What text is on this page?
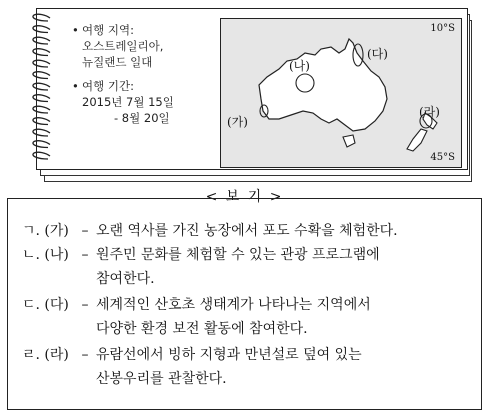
• 여행 지역:
오스트레일리아,
뉴질랜드 일대
• 여행 기간:
2015년 7월 15일
- 8월 20일
10°S
45°S
(가)
(나)
(다)
(라)
< 보 기 >
ㄱ. (가) – 오랜 역사를 가진 농장에서 포도 수확을 체험한다.
ㄴ. (나) – 원주민 문화를 체험할 수 있는 관광 프로그램에
참여한다.
ㄷ. (다) – 세계적인 산호초 생태계가 나타나는 지역에서
다양한 환경 보전 활동에 참여한다.
ㄹ. (라) – 유람선에서 빙하 지형과 만년설로 덮여 있는
산봉우리를 관찰한다.
